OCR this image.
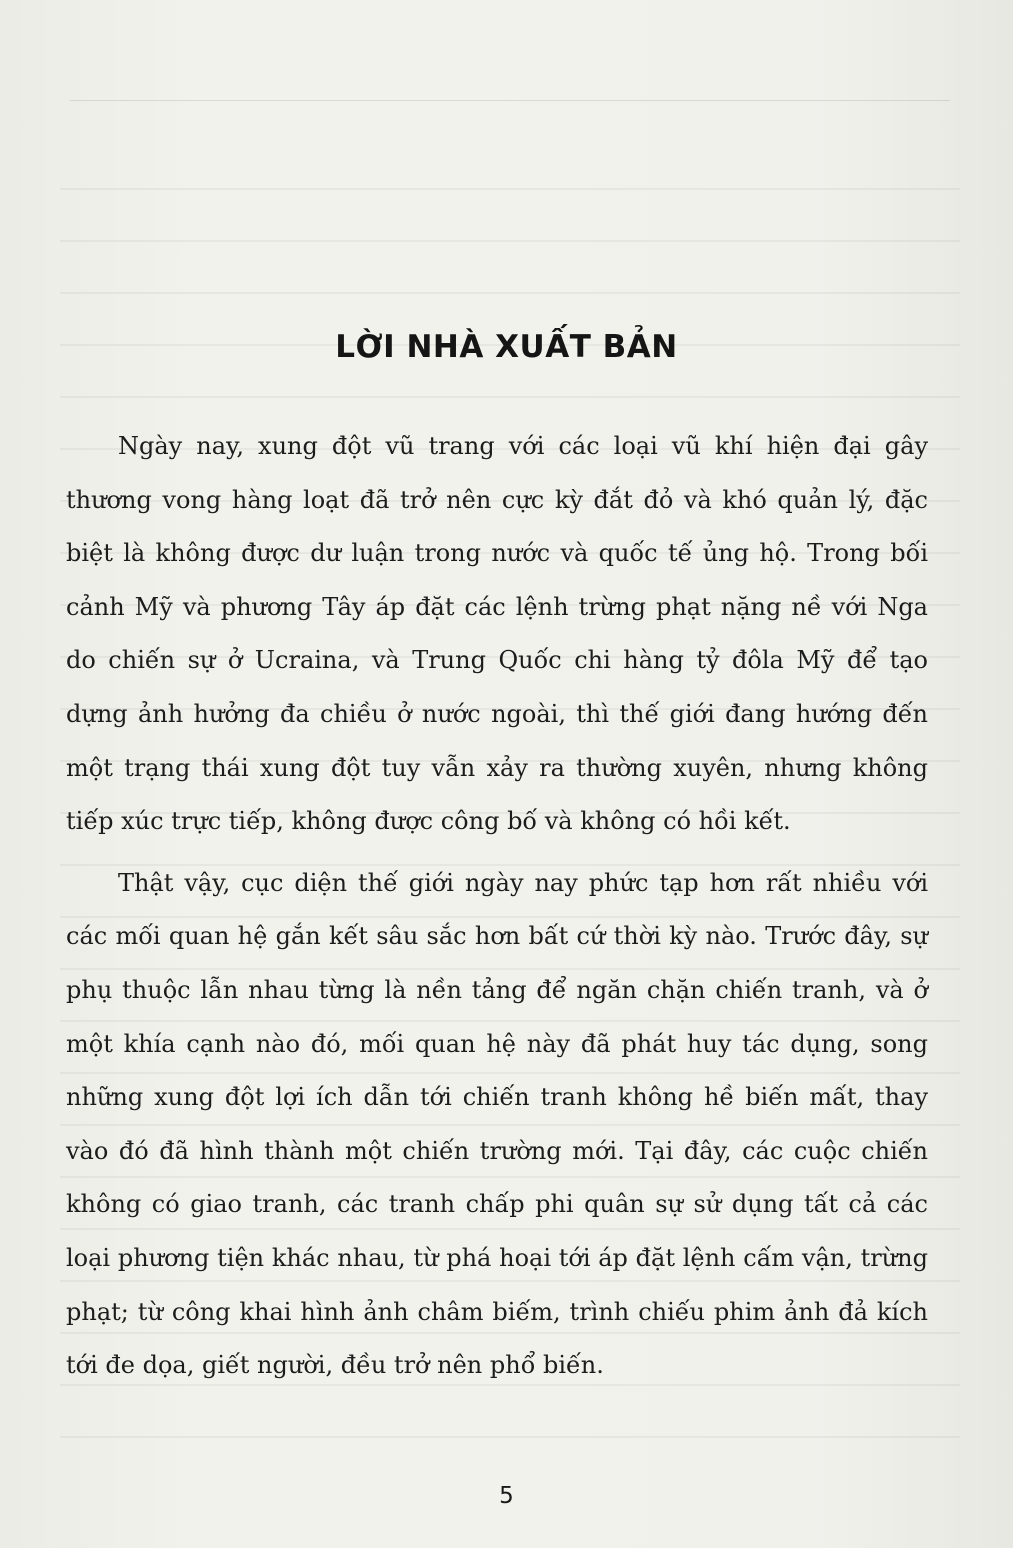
LỜI NHÀ XUẤT BẢN

Ngày nay, xung đột vũ trang với các loại vũ khí hiện đại gây thương vong hàng loạt đã trở nên cực kỳ đắt đỏ và khó quản lý, đặc biệt là không được dư luận trong nước và quốc tế ủng hộ. Trong bối cảnh Mỹ và phương Tây áp đặt các lệnh trừng phạt nặng nề với Nga do chiến sự ở Ucraina, và Trung Quốc chi hàng tỷ đôla Mỹ để tạo dựng ảnh hưởng đa chiều ở nước ngoài, thì thế giới đang hướng đến một trạng thái xung đột tuy vẫn xảy ra thường xuyên, nhưng không tiếp xúc trực tiếp, không được công bố và không có hồi kết.

Thật vậy, cục diện thế giới ngày nay phức tạp hơn rất nhiều với các mối quan hệ gắn kết sâu sắc hơn bất cứ thời kỳ nào. Trước đây, sự phụ thuộc lẫn nhau từng là nền tảng để ngăn chặn chiến tranh, và ở một khía cạnh nào đó, mối quan hệ này đã phát huy tác dụng, song những xung đột lợi ích dẫn tới chiến tranh không hề biến mất, thay vào đó đã hình thành một chiến trường mới. Tại đây, các cuộc chiến không có giao tranh, các tranh chấp phi quân sự sử dụng tất cả các loại phương tiện khác nhau, từ phá hoại tới áp đặt lệnh cấm vận, trừng phạt; từ công khai hình ảnh châm biếm, trình chiếu phim ảnh đả kích tới đe dọa, giết người, đều trở nên phổ biến.

5
